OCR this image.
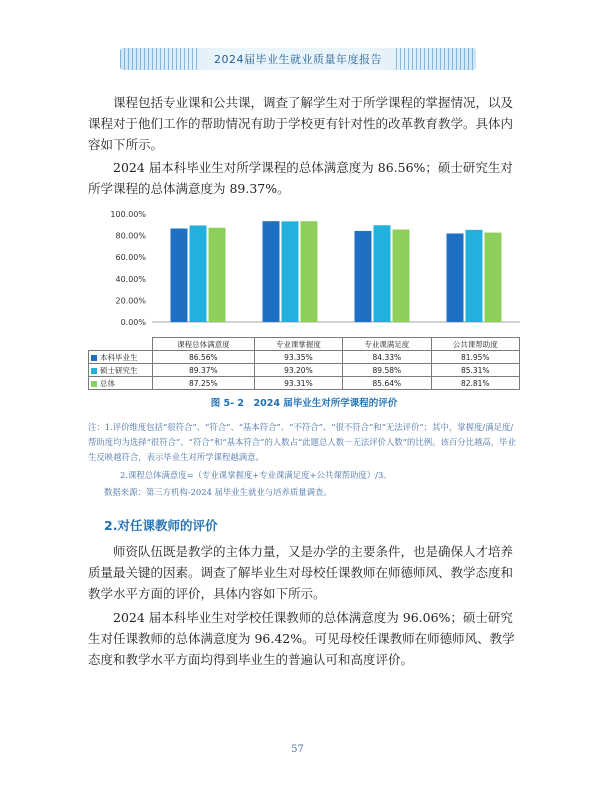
2024届毕业生就业质量年度报告

课程包括专业课和公共课，调查了解学生对于所学课程的掌握情况，以及课程对于他们工作的帮助情况有助于学校更有针对性的改革教育教学。具体内容如下所示。

2024 届本科毕业生对所学课程的总体满意度为 86.56%；硕士研究生对所学课程的总体满意度为 89.37%。

0.00%
20.00%
40.00%
60.00%
80.00%
100.00%
	课程总体满意度	专业课掌握度	专业课满足度	公共课帮助度
本科毕业生	86.56%	93.35%	84.33%	81.95%
硕士研究生	89.37%	93.20%	89.58%	85.31%
总体	87.25%	93.31%	85.64%	82.81%
图 5- 2　2024 届毕业生对所学课程的评价

注：1.评价维度包括“很符合”、“符合”、“基本符合”、“不符合”、“很不符合”和“无法评价”；其中，掌握度/满足度/帮助度均为选择“很符合”、“符合”和“基本符合”的人数占“此题总人数－无法评价人数”的比例。该百分比越高，毕业生反映越符合，表示毕业生对所学课程越满意。

2.课程总体满意度=（专业课掌握度+专业课满足度+公共课帮助度）/3。

数据来源：第三方机构-2024 届毕业生就业与培养质量调查。

2.对任课教师的评价

师资队伍既是教学的主体力量，又是办学的主要条件，也是确保人才培养质量最关键的因素。调查了解毕业生对母校任课教师在师德师风、教学态度和教学水平方面的评价，具体内容如下所示。

2024 届本科毕业生对学校任课教师的总体满意度为 96.06%；硕士研究生对任课教师的总体满意度为 96.42%。可见母校任课教师在师德师风、教学态度和教学水平方面均得到毕业生的普遍认可和高度评价。

57
